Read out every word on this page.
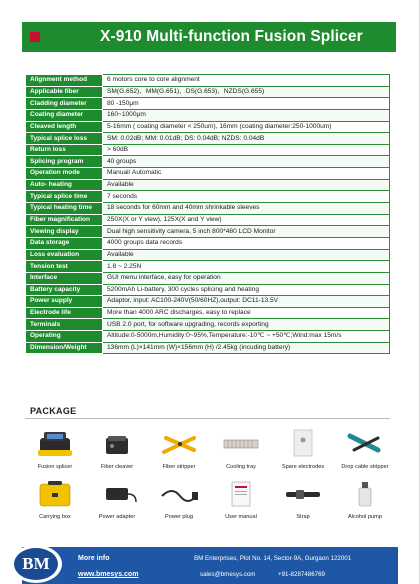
X-910 Multi-function Fusion Splicer
Alignment method	6 motors core to core alignment
Applicable fiber	SM(G.652)、MM(G.651)、DS(G.653)、NZDS(G.655)
Cladding diameter	80 -150μm
Coating diameter	160~1000μm
Cleaved length	5-16mm ( coating diameter < 250um), 16mm (coating diameter:250-1000um)
Typical splice loss	SM: 0.02dB; MM: 0.01dB; DS: 0.04dB; NZDS: 0.04dB
Return loss	> 60dB
Splicing program	40 groups
Operation mode	Manual/ Automatic
Auto- heating	Available
Typical splice time	7 seconds
Typical heating time	18 seconds for 60mm and 40mm shrinkable sleeves
Fiber magnification	250X(X or Y view), 125X(X and Y view)
Viewing display	Dual high sensitivity camera, 5 inch 800*480 LCD Monitor
Data storage	4000 groups data records
Loss evaluation	Available
Tension test	1.8 ~ 2.25N
Interface	GUI menu interface, easy for operation
Battery capacity	5200mAh Li-battery, 300 cycles splicing and heating
Power supply	Adaptor, input: AC100-240V(50/60HZ),output: DC11-13.5V
Electrode life	More than 4000 ARC discharges, easy to replace
Terminals	USB 2.0 port, for software upgrading, records exporting
Operating	Altitude:0-5000m,Humidity:0~95%,Temperature:-10℃ ~ +50℃;Wind:max 15m/s
Dimension/Weight	136mm (L)×141mm (W)×156mm (H) /2.45kg (incuding battery)
PACKAGE
Fusion splicer	Fiber cleaver	Fiber stripper	Cooling tray	Spare electrodes	Drop cable stripper
Carrying box	Power adapter	Power plug	User manual	Strap	Alcohol pump
BM	More info
www.bmesys.com
BM Enterprises, Plot No. 14, Sector-9A, Gurgaon 122001
sales@bmesys.com	+91-8287486769
